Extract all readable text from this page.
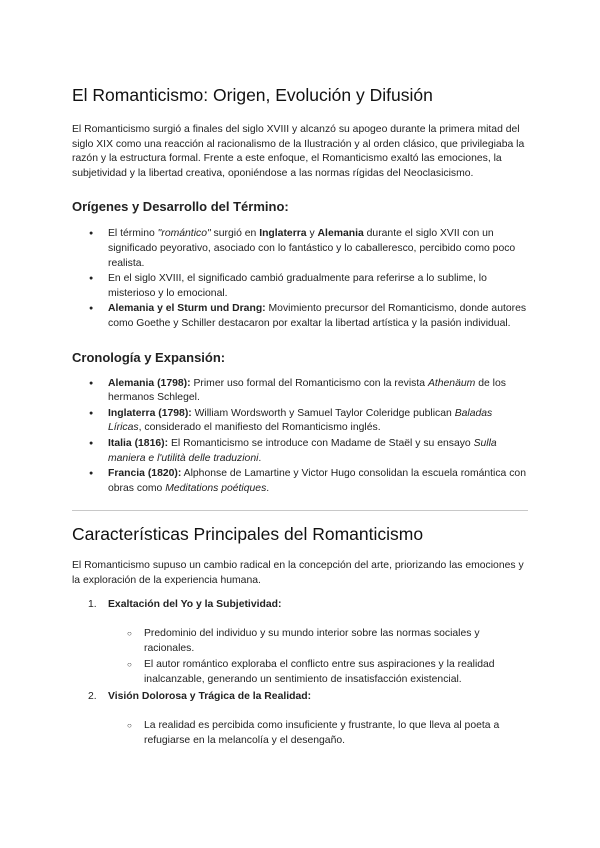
El Romanticismo: Origen, Evolución y Difusión

El Romanticismo surgió a finales del siglo XVIII y alcanzó su apogeo durante la primera mitad del siglo XIX como una reacción al racionalismo de la Ilustración y al orden clásico, que privilegiaba la razón y la estructura formal. Frente a este enfoque, el Romanticismo exaltó las emociones, la subjetividad y la libertad creativa, oponiéndose a las normas rígidas del Neoclasicismo.

Orígenes y Desarrollo del Término:
● El término "romántico" surgió en Inglaterra y Alemania durante el siglo XVII con un significado peyorativo, asociado con lo fantástico y lo caballeresco, percibido como poco realista.
● En el siglo XVIII, el significado cambió gradualmente para referirse a lo sublime, lo misterioso y lo emocional.
● Alemania y el Sturm und Drang: Movimiento precursor del Romanticismo, donde autores como Goethe y Schiller destacaron por exaltar la libertad artística y la pasión individual.
Cronología y Expansión:
● Alemania (1798): Primer uso formal del Romanticismo con la revista Athenäum de los hermanos Schlegel.
● Inglaterra (1798): William Wordsworth y Samuel Taylor Coleridge publican Baladas Líricas, considerado el manifiesto del Romanticismo inglés.
● Italia (1816): El Romanticismo se introduce con Madame de Staël y su ensayo Sulla maniera e l'utilità delle traduzioni.
● Francia (1820): Alphonse de Lamartine y Victor Hugo consolidan la escuela romántica con obras como Meditations poétiques.
Características Principales del Romanticismo

El Romanticismo supuso un cambio radical en la concepción del arte, priorizando las emociones y la exploración de la experiencia humana.

1. Exaltación del Yo y la Subjetividad:
○ Predominio del individuo y su mundo interior sobre las normas sociales y racionales.
○ El autor romántico exploraba el conflicto entre sus aspiraciones y la realidad inalcanzable, generando un sentimiento de insatisfacción existencial.
2. Visión Dolorosa y Trágica de la Realidad:
○ La realidad es percibida como insuficiente y frustrante, lo que lleva al poeta a refugiarse en la melancolía y el desengaño.
